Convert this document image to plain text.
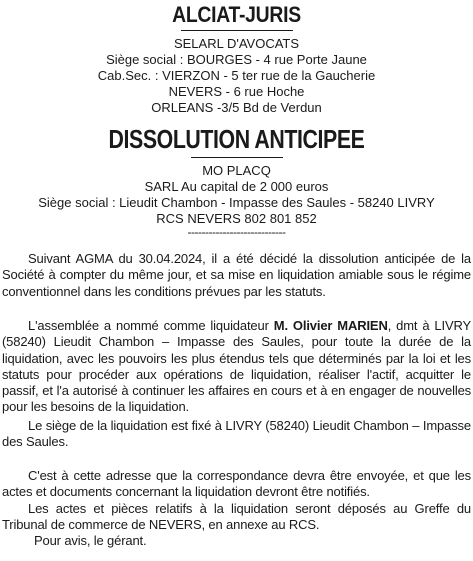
ALCIAT-JURIS
SELARL D'AVOCATS
Siège social : BOURGES - 4 rue Porte Jaune
Cab.Sec. : VIERZON - 5 ter rue de la Gaucherie
NEVERS - 6 rue Hoche
ORLEANS -3/5 Bd de Verdun
DISSOLUTION ANTICIPEE
MO PLACQ
SARL Au capital de 2 000 euros
Siège social : Lieudit Chambon - Impasse des Saules - 58240 LIVRY
RCS NEVERS 802 801 852
----------------------------
Suivant AGMA du 30.04.2024, il a été décidé la dissolution anticipée de la Société à compter du même jour, et sa mise en liquidation amiable sous le régime conventionnel dans les conditions prévues par les statuts.
L'assemblée a nommé comme liquidateur M. Olivier MARIEN, dmt à LIVRY (58240) Lieudit Chambon – Impasse des Saules, pour toute la durée de la liquidation, avec les pouvoirs les plus étendus tels que déterminés par la loi et les statuts pour procéder aux opérations de liquidation, réaliser l'actif, acquitter le passif, et l'a autorisé à continuer les affaires en cours et à en engager de nouvelles pour les besoins de la liquidation.
Le siège de la liquidation est fixé à LIVRY (58240) Lieudit Chambon – Impasse des Saules.
C'est à cette adresse que la correspondance devra être envoyée, et que les actes et documents concernant la liquidation devront être notifiés.
Les actes et pièces relatifs à la liquidation seront déposés au Greffe du Tribunal de commerce de NEVERS, en annexe au RCS.
Pour avis, le gérant.
